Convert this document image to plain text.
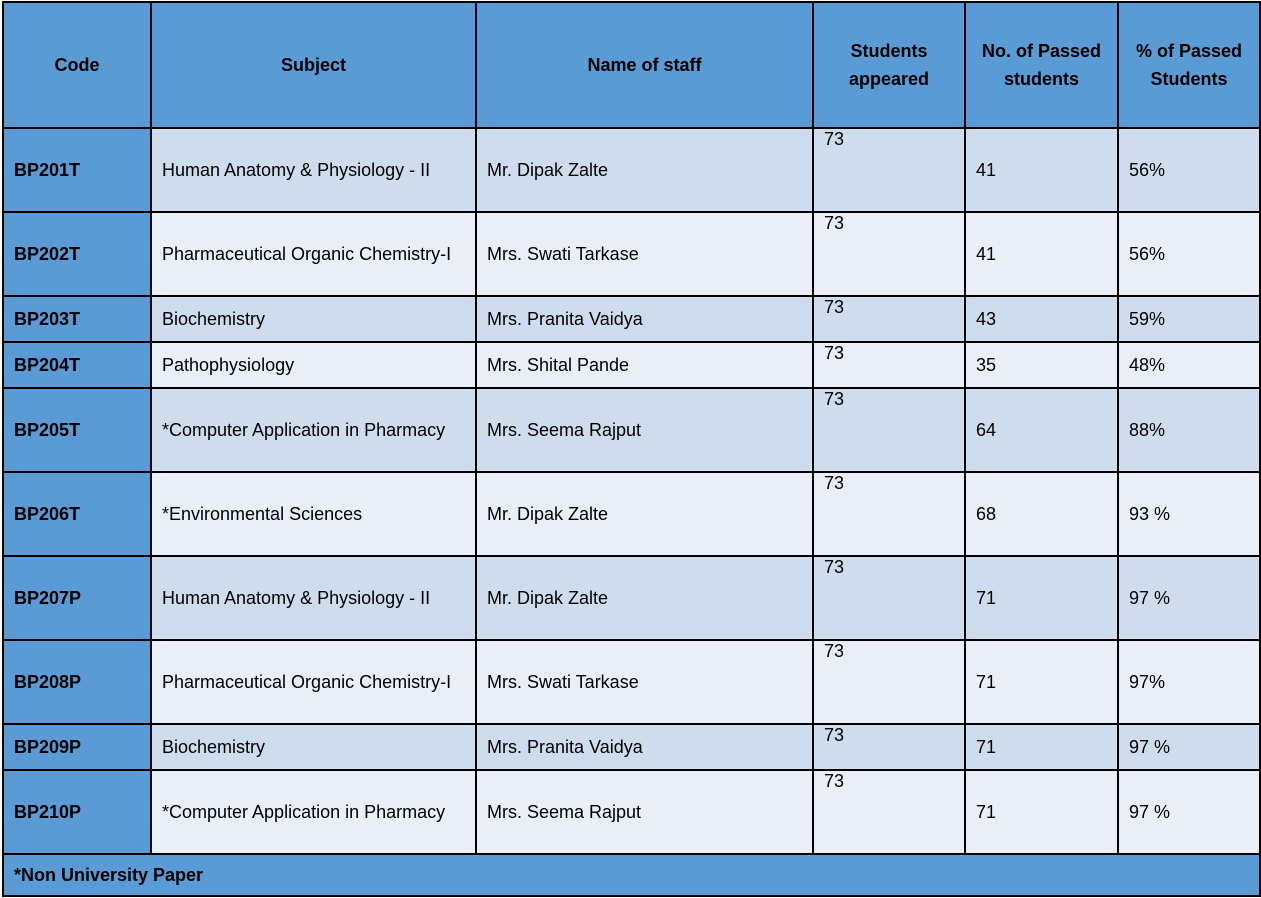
Code	Subject	Name of staff	Students appeared	No. of Passed students	% of Passed Students
BP201T	Human Anatomy & Physiology - II	Mr. Dipak Zalte	73	41	56%
BP202T	Pharmaceutical Organic Chemistry-I	Mrs. Swati Tarkase	73	41	56%
BP203T	Biochemistry	Mrs. Pranita Vaidya	73	43	59%
BP204T	Pathophysiology	Mrs. Shital Pande	73	35	48%
BP205T	*Computer Application in Pharmacy	Mrs. Seema Rajput	73	64	88%
BP206T	*Environmental Sciences	Mr. Dipak Zalte	73	68	93 %
BP207P	Human Anatomy & Physiology - II	Mr. Dipak Zalte	73	71	97 %
BP208P	Pharmaceutical Organic Chemistry-I	Mrs. Swati Tarkase	73	71	97%
BP209P	Biochemistry	Mrs. Pranita Vaidya	73	71	97 %
BP210P	*Computer Application in Pharmacy	Mrs. Seema Rajput	73	71	97 %
*Non University Paper					
